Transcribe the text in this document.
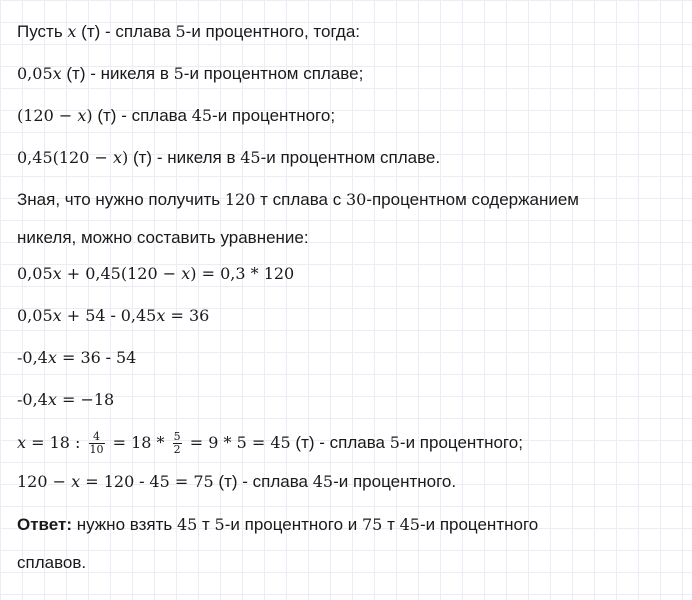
Пусть x (т) - сплава 5-и процентного, тогда:
0,05x (т) - никеля в 5-и процентном сплаве;
(120 − x) (т) - сплава 45-и процентного;
0,45(120 − x) (т) - никеля в 45-и процентном сплаве.
Зная, что нужно получить 120 т сплава с 30-процентном содержанием
никеля, можно составить уравнение:
0,05x + 0,45(120 − x) = 0,3 * 120
0,05x + 54 - 0,45x = 36
-0,4x = 36 - 54
-0,4x = −18
x = 18 : $\frac{4}{10} = 18 * \frac{5}{2} = 9 * 5 = 45$ (т) - сплава 5-и процентного;
120 − x = 120 - 45 = 75 (т) - сплава 45-и процентного.
Ответ: нужно взять 45 т 5-и процентного и 75 т 45-и процентного
сплавов.
